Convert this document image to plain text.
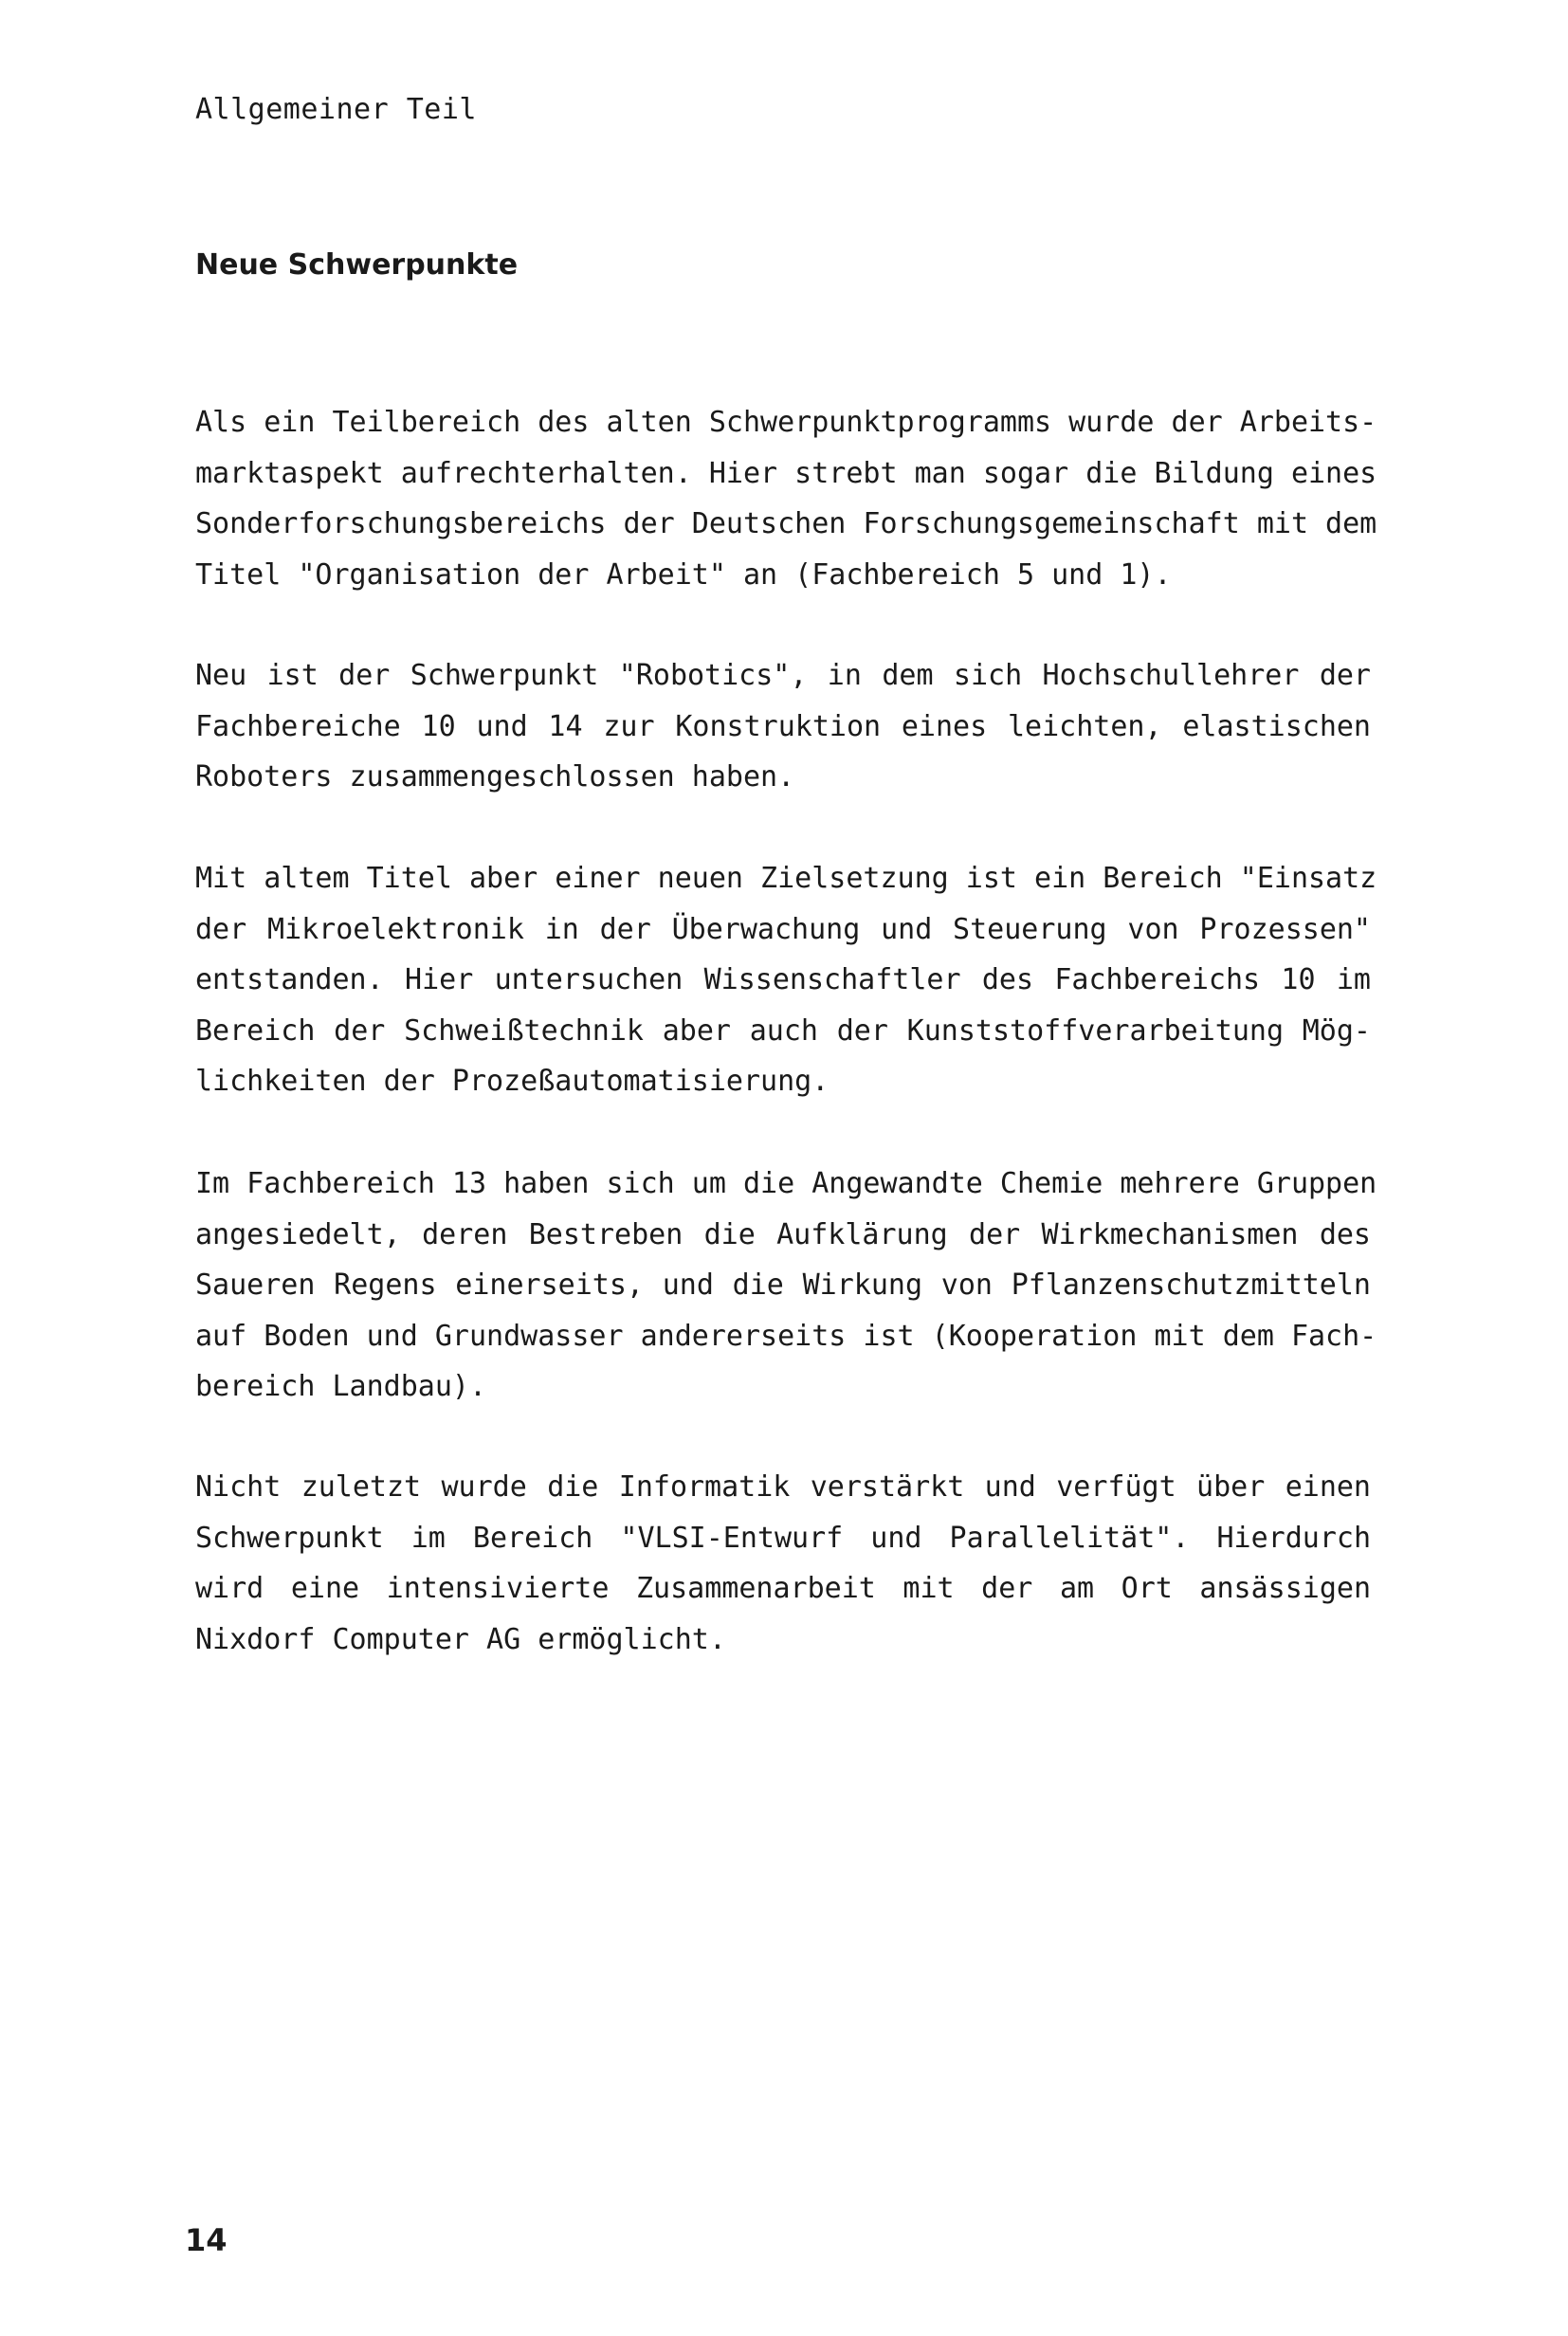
Allgemeiner Teil
Neue Schwerpunkte
Als ein Teilbereich des alten Schwerpunktprogramms wurde der Arbeits-
marktaspekt aufrechterhalten. Hier strebt man sogar die Bildung eines
Sonderforschungsbereichs der Deutschen Forschungsgemeinschaft mit dem
Titel "Organisation der Arbeit" an (Fachbereich 5 und 1).
Neu ist der Schwerpunkt "Robotics", in dem sich Hochschullehrer der
Fachbereiche 10 und 14 zur Konstruktion eines leichten, elastischen
Roboters zusammengeschlossen haben.
Mit altem Titel aber einer neuen Zielsetzung ist ein Bereich "Einsatz
der Mikroelektronik in der Überwachung und Steuerung von Prozessen"
entstanden. Hier untersuchen Wissenschaftler des Fachbereichs 10 im
Bereich der Schweißtechnik aber auch der Kunststoffverarbeitung Mög-
lichkeiten der Prozeßautomatisierung.
Im Fachbereich 13 haben sich um die Angewandte Chemie mehrere Gruppen
angesiedelt, deren Bestreben die Aufklärung der Wirkmechanismen des
Saueren Regens einerseits, und die Wirkung von Pflanzenschutzmitteln
auf Boden und Grundwasser andererseits ist (Kooperation mit dem Fach-
bereich Landbau).
Nicht zuletzt wurde die Informatik verstärkt und verfügt über einen
Schwerpunkt im Bereich "VLSI-Entwurf und Parallelität". Hierdurch
wird eine intensivierte Zusammenarbeit mit der am Ort ansässigen
Nixdorf Computer AG ermöglicht.
14
